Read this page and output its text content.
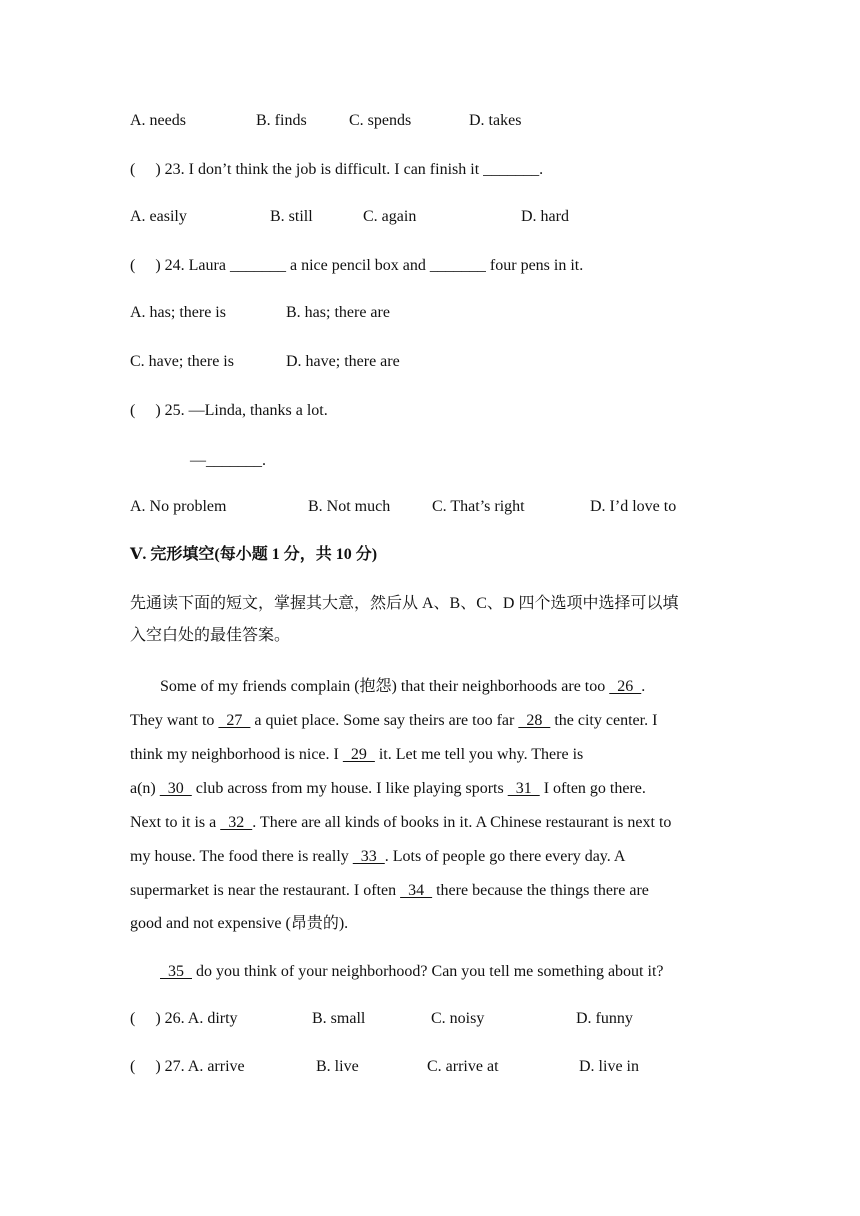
A. needs	B. finds	C. spends	D. takes
(     ) 23. I don’t think the job is difficult. I can finish it _______.
A. easily	B. still	C. again	D. hard
(     ) 24. Laura _______ a nice pencil box and _______ four pens in it.
A. has; there is	B. has; there are
C. have; there is	D. have; there are
(     ) 25. —Linda, thanks a lot.
—_______.
A. No problem	B. Not much	C. That’s right	D. I’d love to
Ⅴ. 完形填空(每小题 1 分，共 10 分)
先通读下面的短文，掌握其大意，然后从 A、B、C、D 四个选项中选择可以填
入空白处的最佳答案。
Some of my friends complain (抱怨) that their neighborhoods are too   26  .
They want to   27   a quiet place. Some say theirs are too far   28   the city center. I
think my neighborhood is nice. I   29   it. Let me tell you why. There is
a(n)   30   club across from my house. I like playing sports   31   I often go there.
Next to it is a   32  . There are all kinds of books in it. A Chinese restaurant is next to
my house. The food there is really   33  . Lots of people go there every day. A
supermarket is near the restaurant. I often   34   there because the things there are
good and not expensive (昂贵的).
35   do you think of your neighborhood? Can you tell me something about it?
(     ) 26. A. dirty	B. small	C. noisy	D. funny
(     ) 27. A. arrive	B. live	C. arrive at	D. live in
